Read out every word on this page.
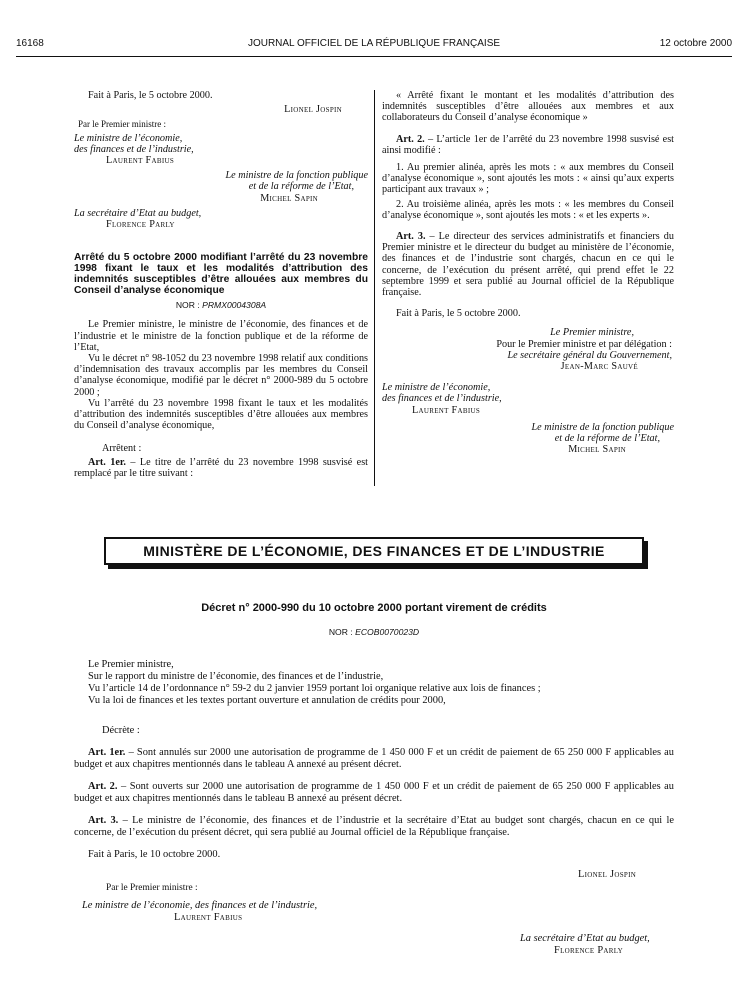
16168	JOURNAL OFFICIEL DE LA RÉPUBLIQUE FRANÇAISE	12 octobre 2000

Fait à Paris, le 5 octobre 2000.

Lionel Jospin

Par le Premier ministre :

Le ministre de l’économie,

des finances et de l’industrie,

Laurent Fabius

Le ministre de la fonction publique

et de la réforme de l’Etat,

Michel Sapin

La secrétaire d’Etat au budget,

Florence Parly

Arrêté du 5 octobre 2000 modifiant l’arrêté du 23 novembre 1998 fixant le taux et les modalités d’attribution des indemnités susceptibles d’être allouées aux membres du Conseil d’analyse économique

NOR : PRMX0004308A

Le Premier ministre, le ministre de l’économie, des finances et de l’industrie et le ministre de la fonction publique et de la réforme de l’Etat,

Vu le décret n° 98-1052 du 23 novembre 1998 relatif aux conditions d’indemnisation des travaux accomplis par les membres du Conseil d’analyse économique, modifié par le décret n° 2000-989 du 5 octobre 2000 ;

Vu l’arrêté du 23 novembre 1998 fixant le taux et les modalités d’attribution des indemnités susceptibles d’être allouées aux membres du Conseil d’analyse économique,

Arrêtent :

Art. 1er. – Le titre de l’arrêté du 23 novembre 1998 susvisé est remplacé par le titre suivant :

« Arrêté fixant le montant et les modalités d’attribution des indemnités susceptibles d’être allouées aux membres et aux collaborateurs du Conseil d’analyse économique »

Art. 2. – L’article 1er de l’arrêté du 23 novembre 1998 susvisé est ainsi modifié :

1. Au premier alinéa, après les mots : « aux membres du Conseil d’analyse économique », sont ajoutés les mots : « ainsi qu’aux experts participant aux travaux » ;

2. Au troisième alinéa, après les mots : « les membres du Conseil d’analyse économique », sont ajoutés les mots : « et les experts ».

Art. 3. – Le directeur des services administratifs et financiers du Premier ministre et le directeur du budget au ministère de l’économie, des finances et de l’industrie sont chargés, chacun en ce qui le concerne, de l’exécution du présent arrêté, qui prend effet le 22 septembre 1999 et sera publié au Journal officiel de la République française.

Fait à Paris, le 5 octobre 2000.

Le Premier ministre,

Pour le Premier ministre et par délégation :

Le secrétaire général du Gouvernement,

Jean-Marc Sauvé

Le ministre de l’économie,

des finances et de l’industrie,

Laurent Fabius

Le ministre de la fonction publique

et de la réforme de l’Etat,

Michel Sapin

MINISTÈRE DE L’ÉCONOMIE, DES FINANCES ET DE L’INDUSTRIE
Décret n° 2000-990 du 10 octobre 2000 portant virement de crédits
NOR : ECOB0070023D

Le Premier ministre,

Sur le rapport du ministre de l’économie, des finances et de l’industrie,

Vu l’article 14 de l’ordonnance n° 59-2 du 2 janvier 1959 portant loi organique relative aux lois de finances ;

Vu la loi de finances et les textes portant ouverture et annulation de crédits pour 2000,

Décrète :

Art. 1er. – Sont annulés sur 2000 une autorisation de programme de 1 450 000 F et un crédit de paiement de 65 250 000 F applicables au budget et aux chapitres mentionnés dans le tableau A annexé au présent décret.

Art. 2. – Sont ouverts sur 2000 une autorisation de programme de 1 450 000 F et un crédit de paiement de 65 250 000 F applicables au budget et aux chapitres mentionnés dans le tableau B annexé au présent décret.

Art. 3. – Le ministre de l’économie, des finances et de l’industrie et la secrétaire d’Etat au budget sont chargés, chacun en ce qui le concerne, de l’exécution du présent décret, qui sera publié au Journal officiel de la République française.

Fait à Paris, le 10 octobre 2000.

Lionel Jospin
Par le Premier ministre :
Le ministre de l’économie, des finances et de l’industrie,
Laurent Fabius
La secrétaire d’Etat au budget,
Florence Parly
